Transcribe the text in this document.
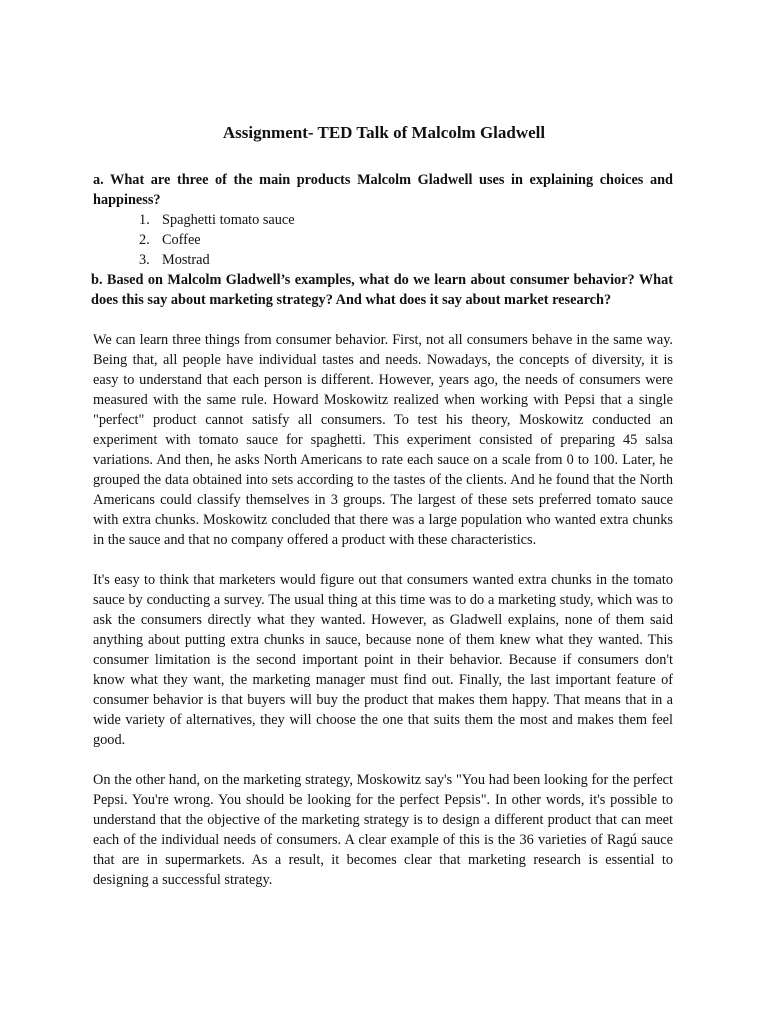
Assignment- TED Talk of Malcolm Gladwell

a. What are three of the main products Malcolm Gladwell uses in explaining choices and happiness?

1. Spaghetti tomato sauce
2. Coffee
3. Mostrad

b. Based on Malcolm Gladwell’s examples, what do we learn about consumer behavior? What does this say about marketing strategy? And what does it say about market research?

We can learn three things from consumer behavior. First, not all consumers behave in the same way. Being that, all people have individual tastes and needs. Nowadays, the concepts of diversity, it is easy to understand that each person is different. However, years ago, the needs of consumers were measured with the same rule. Howard Moskowitz realized when working with Pepsi that a single "perfect" product cannot satisfy all consumers. To test his theory, Moskowitz conducted an experiment with tomato sauce for spaghetti. This experiment consisted of preparing 45 salsa variations. And then, he asks North Americans to rate each sauce on a scale from 0 to 100. Later, he grouped the data obtained into sets according to the tastes of the clients. And he found that the North Americans could classify themselves in 3 groups. The largest of these sets preferred tomato sauce with extra chunks. Moskowitz concluded that there was a large population who wanted extra chunks in the sauce and that no company offered a product with these characteristics.

It's easy to think that marketers would figure out that consumers wanted extra chunks in the tomato sauce by conducting a survey. The usual thing at this time was to do a marketing study, which was to ask the consumers directly what they wanted. However, as Gladwell explains, none of them said anything about putting extra chunks in sauce, because none of them knew what they wanted. This consumer limitation is the second important point in their behavior. Because if consumers don't know what they want, the marketing manager must find out. Finally, the last important feature of consumer behavior is that buyers will buy the product that makes them happy. That means that in a wide variety of alternatives, they will choose the one that suits them the most and makes them feel good.

On the other hand, on the marketing strategy, Moskowitz say's "You had been looking for the perfect Pepsi. You're wrong. You should be looking for the perfect Pepsis". In other words, it's possible to understand that the objective of the marketing strategy is to design a different product that can meet each of the individual needs of consumers. A clear example of this is the 36 varieties of Ragú sauce that are in supermarkets. As a result, it becomes clear that marketing research is essential to designing a successful strategy.
